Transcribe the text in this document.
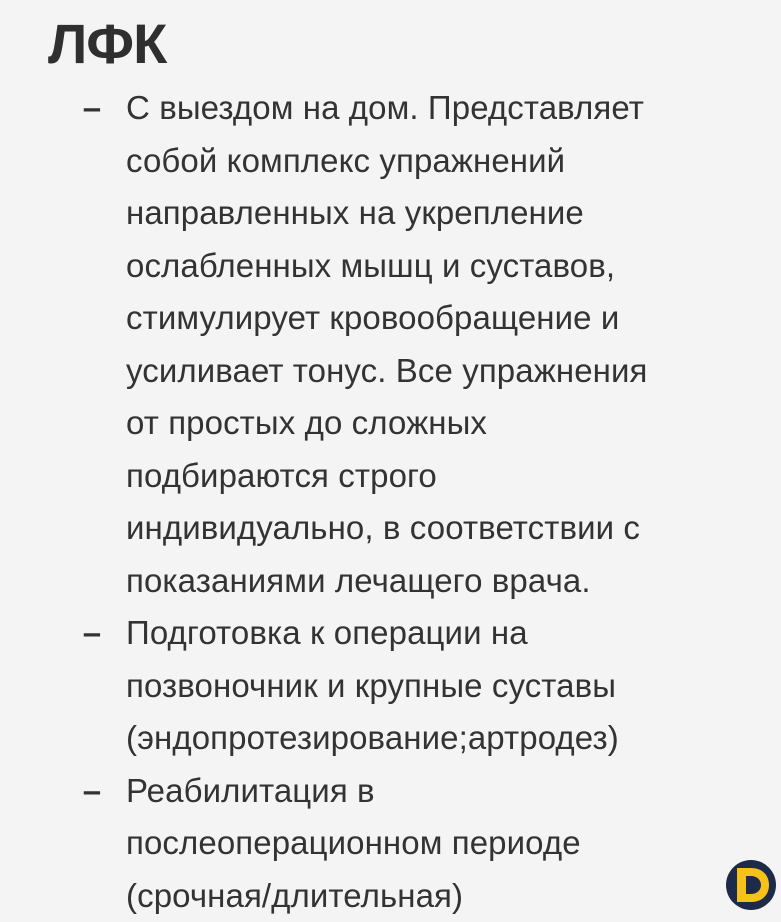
ЛФК
– С выездом на дом. Представляет
собой комплекс упражнений
направленных на укрепление
ослабленных мышц и суставов,
стимулирует кровообращение и
усиливает тонус. Все упражнения
от простых до сложных
подбираются строго
индивидуально, в соответствии с
показаниями лечащего врача.
– Подготовка к операции на
позвоночник и крупные суставы
(эндопротезирование;артродез)
– Реабилитация в
послеоперационном периоде
(срочная/длительная)
